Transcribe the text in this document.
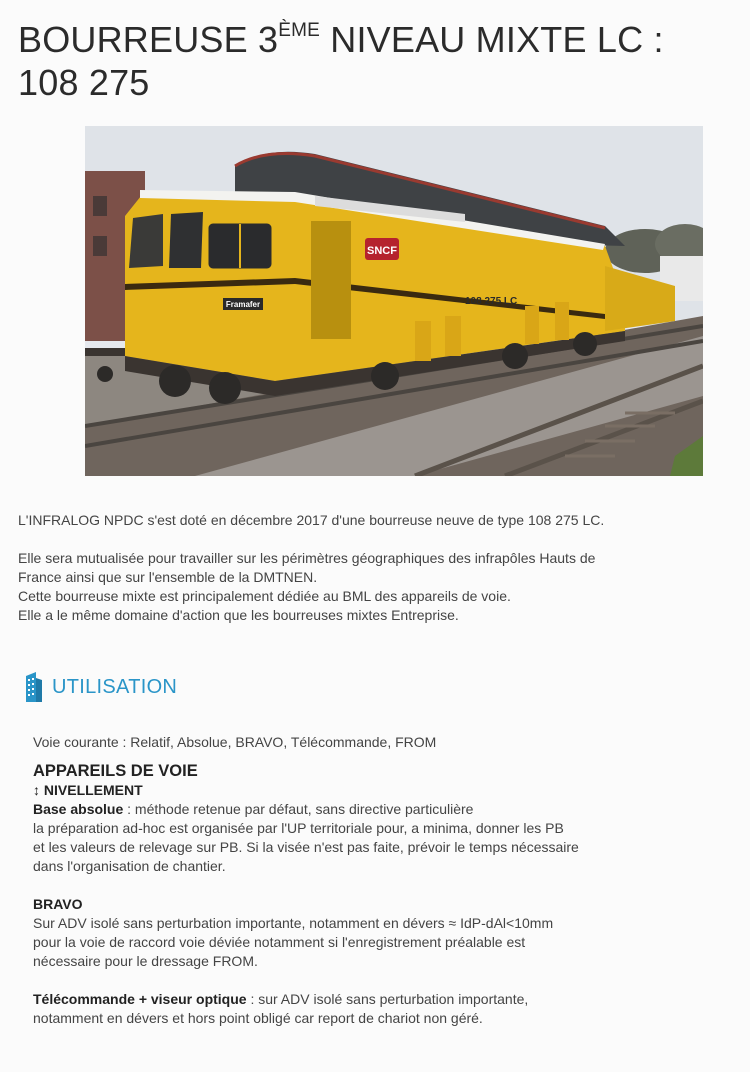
BOURREUSE 3ÈME NIVEAU MIXTE LC :
108 275
SNCF
Framafer	108 275 LC

L'INFRALOG NPDC s'est doté en décembre 2017 d'une bourreuse neuve de type 108 275 LC.

Elle sera mutualisée pour travailler sur les périmètres géographiques des infrapôles Hauts de

France ainsi que sur l'ensemble de la DMTNEN.

Cette bourreuse mixte est principalement dédiée au BML des appareils de voie.

Elle a le même domaine d'action que les bourreuses mixtes Entreprise.

UTILISATION

Voie courante : Relatif, Absolue, BRAVO, Télécommande, FROM

APPAREILS DE VOIE

↕ NIVELLEMENT

Base absolue : méthode retenue par défaut, sans directive particulière

la préparation ad-hoc est organisée par l'UP territoriale pour, a minima, donner les PB

et les valeurs de relevage sur PB. Si la visée n'est pas faite, prévoir le temps nécessaire

dans l'organisation de chantier.

BRAVO

Sur ADV isolé sans perturbation importante, notamment en dévers ≈ IdP-dAl<10mm

pour la voie de raccord voie déviée notamment si l'enregistrement préalable est

nécessaire pour le dressage FROM.

Télécommande + viseur optique : sur ADV isolé sans perturbation importante,

notamment en dévers et hors point obligé car report de chariot non géré.
